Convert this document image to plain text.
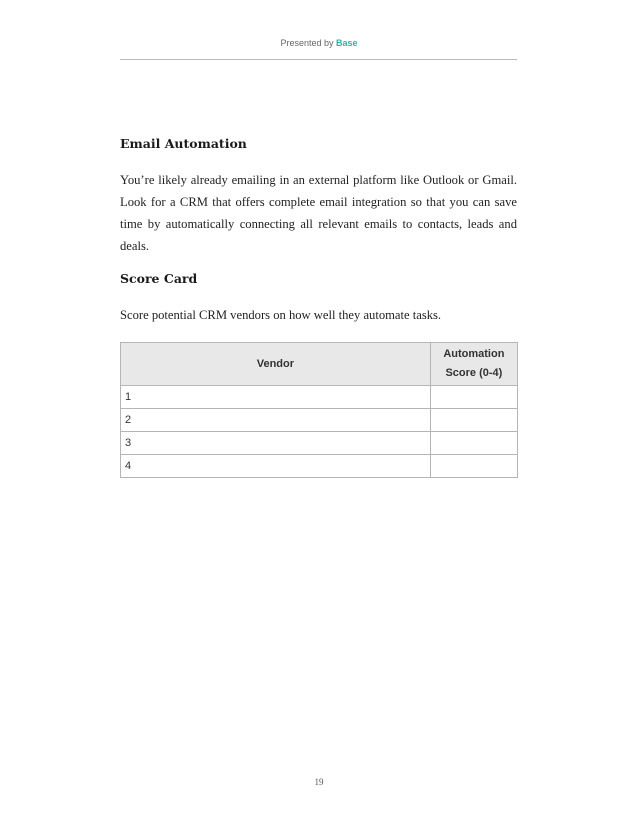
Presented by Base
Email Automation

You’re likely already emailing in an external platform like Outlook or Gmail. Look for a CRM that offers complete email integration so that you can save time by automatically connecting all relevant emails to contacts, leads and deals.

Score Card

Score potential CRM vendors on how well they automate tasks.

Vendor	Automation
Score (0-4)
1	
2	
3	
4	
19
